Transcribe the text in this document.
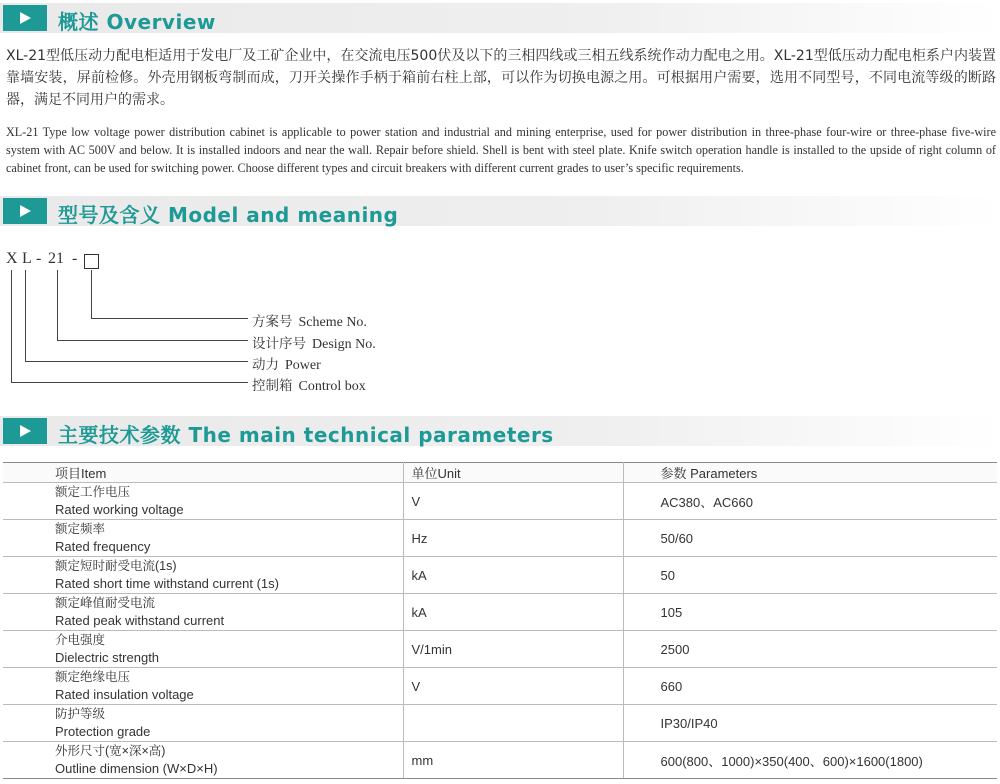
概述 Overview
XL-21型低压动力配电柜适用于发电厂及工矿企业中，在交流电压500伏及以下的三相四线或三相五线系统作动力配电之用。XL-21型低压动力配电柜系户内装置靠墙安装，屏前检修。外壳用钢板弯制而成，刀开关操作手柄于箱前右柱上部，可以作为切换电源之用。可根据用户需要，选用不同型号，不同电流等级的断路器，满足不同用户的需求。
XL-21 Type low voltage power distribution cabinet is applicable to power station and industrial and mining enterprise, used for power distribution in three-phase four-wire or three-phase five-wire system with AC 500V and below. It is installed indoors and near the wall. Repair before shield. Shell is bent with steel plate. Knife switch operation handle is installed to the upside of right column of cabinet front, can be used for switching power. Choose different types and circuit breakers with different current grades to user’s specific requirements.
型号及含义 Model and meaning
X L - 21 -
方案号 Scheme No.
设计序号 Design No.
动力 Power
控制箱 Control box
主要技术参数 The main technical parameters
项目Item	单位Unit	参数 Parameters

额定工作电压
Rated working voltage	V	AC380、AC660

额定频率
Rated frequency	Hz	50/60

额定短时耐受电流(1s)
Rated short time withstand current (1s)	kA	50

额定峰值耐受电流
Rated peak withstand current	kA	105

介电强度
Dielectric strength	V/1min	2500

额定绝缘电压
Rated insulation voltage	V	660

防护等级
Protection grade		IP30/IP40

外形尺寸(宽×深×高)
Outline dimension (W×D×H)	mm	600(800、1000)×350(400、600)×1600(1800)
